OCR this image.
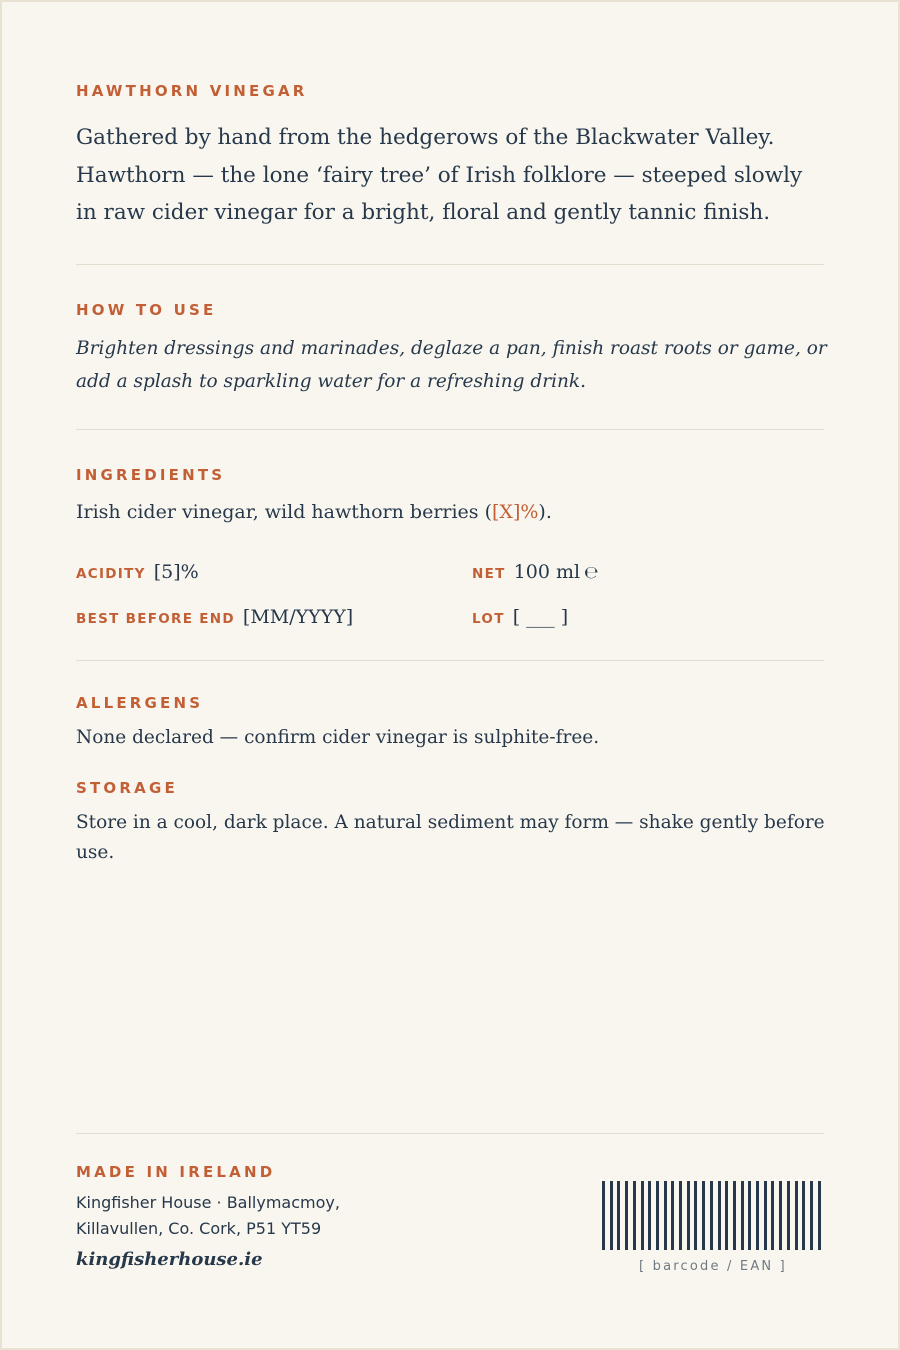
HAWTHORN VINEGAR
Gathered by hand from the hedgerows of the Blackwater Valley. Hawthorn — the lone ‘fairy tree’ of Irish folklore — steeped slowly in raw cider vinegar for a bright, floral and gently tannic finish.
HOW TO USE
Brighten dressings and marinades, deglaze a pan, finish roast roots or game, or add a splash to sparkling water for a refreshing drink.
INGREDIENTS
Irish cider vinegar, wild hawthorn berries ([X]%).
ACIDITY [5]%	NET 100 ml ℮
BEST BEFORE END [MM/YYYY]	LOT [ ___ ]
ALLERGENS
None declared — confirm cider vinegar is sulphite-free.
STORAGE
Store in a cool, dark place. A natural sediment may form — shake gently before use.
MADE IN IRELAND
Kingfisher House · Ballymacmoy,
Killavullen, Co. Cork, P51 YT59
kingfisherhouse.ie	[ barcode / EAN ]
